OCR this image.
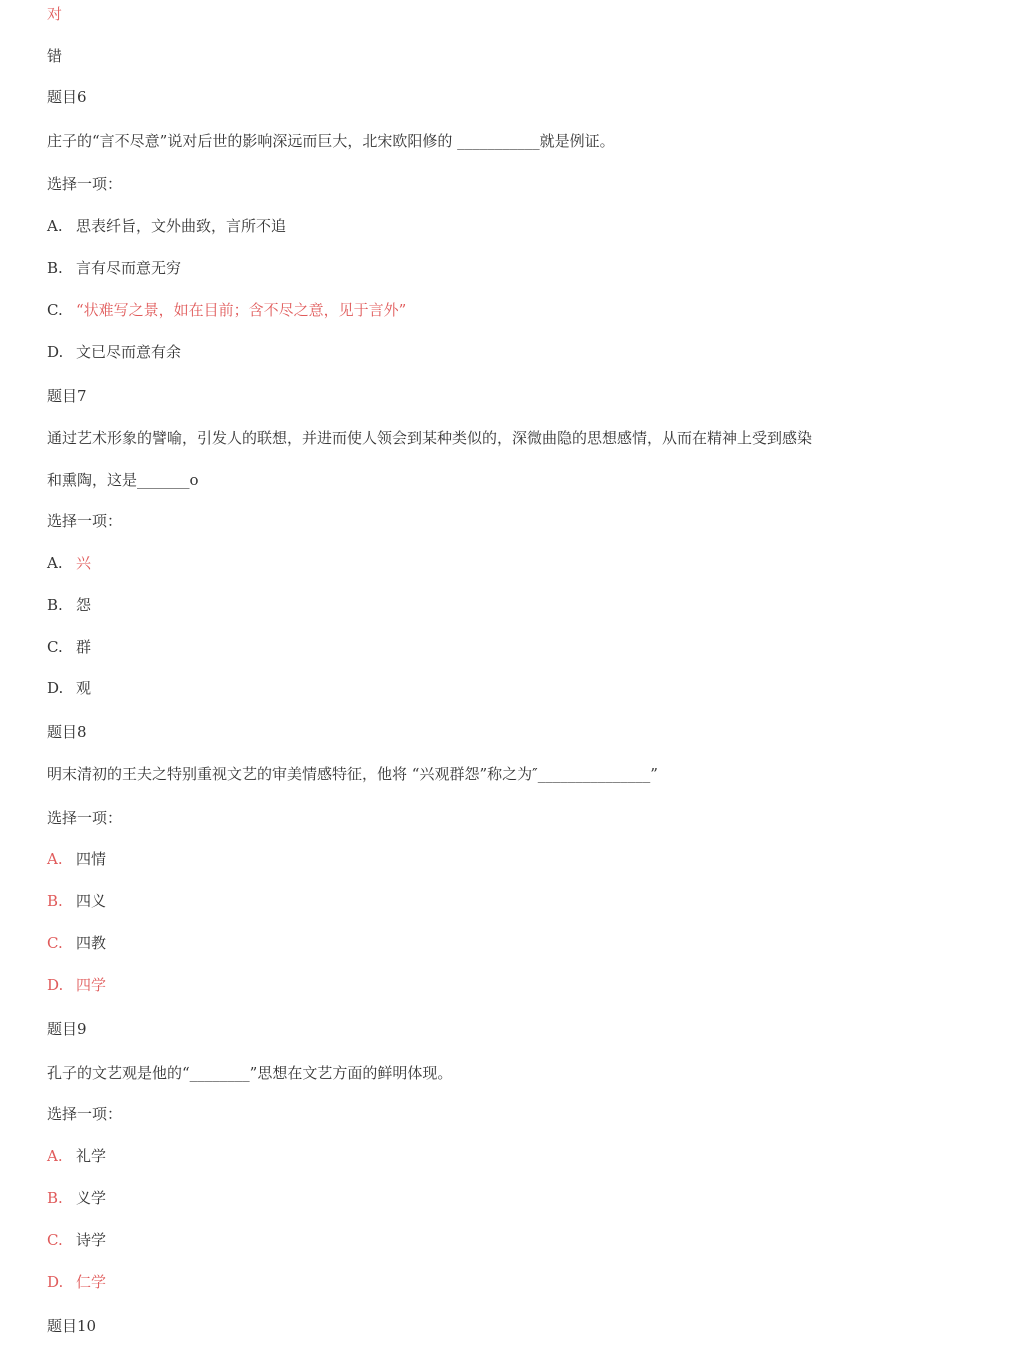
对
错
题目6
庄子的“言不尽意”说对后世的影响深远而巨大，北宋欧阳修的 ___________就是例证。
选择一项：
A. 思表纤旨，文外曲致，言所不追
B. 言有尽而意无穷
C. “状难写之景，如在目前；含不尽之意，见于言外”
D. 文已尽而意有余
题目7
通过艺术形象的譬喻，引发人的联想，并进而使人领会到某种类似的，深微曲隐的思想感情，从而在精神上受到感染
和熏陶，这是_______o
选择一项：
A. 兴
B. 怨
C. 群
D. 观
题目8
明末清初的王夫之特别重视文艺的审美情感特征，他将 “兴观群怨”称之为″_______________”
选择一项：
A. 四情
B. 四义
C. 四教
D. 四学
题目9
孔子的文艺观是他的“________”思想在文艺方面的鲜明体现。
选择一项：
A. 礼学
B. 义学
C. 诗学
D. 仁学
题目10
